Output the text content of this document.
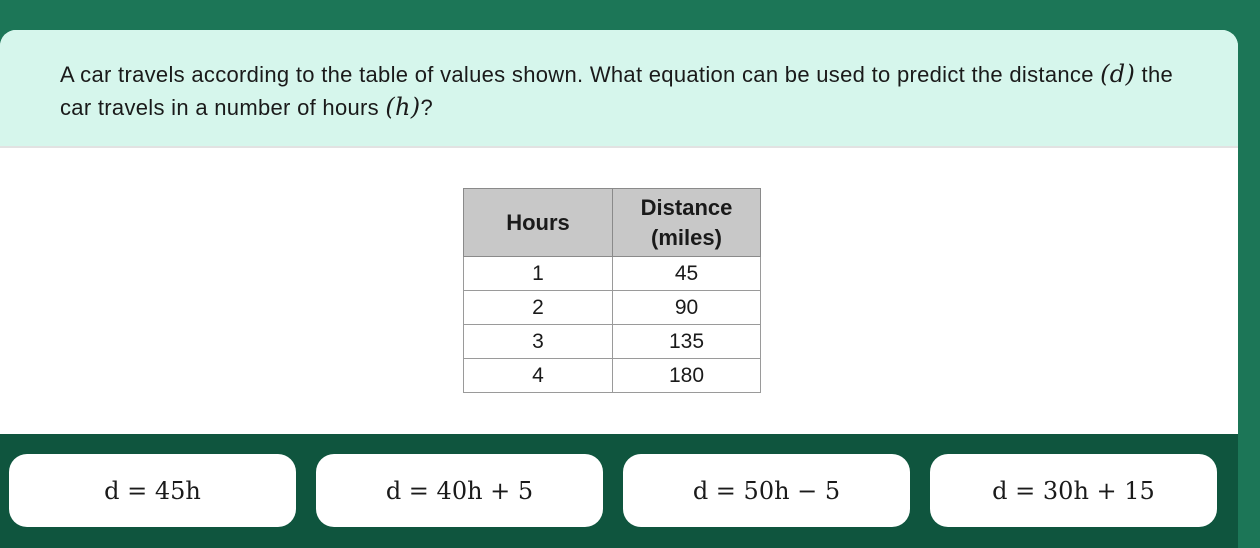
A car travels according to the table of values shown. What equation can be used to predict the distance (d) the car travels in a number of hours (h)?
Hours	Distance
(miles)
1	45
2	90
3	135
4	180
d = 45h	d = 40h + 5	d = 50h − 5	d = 30h + 15
